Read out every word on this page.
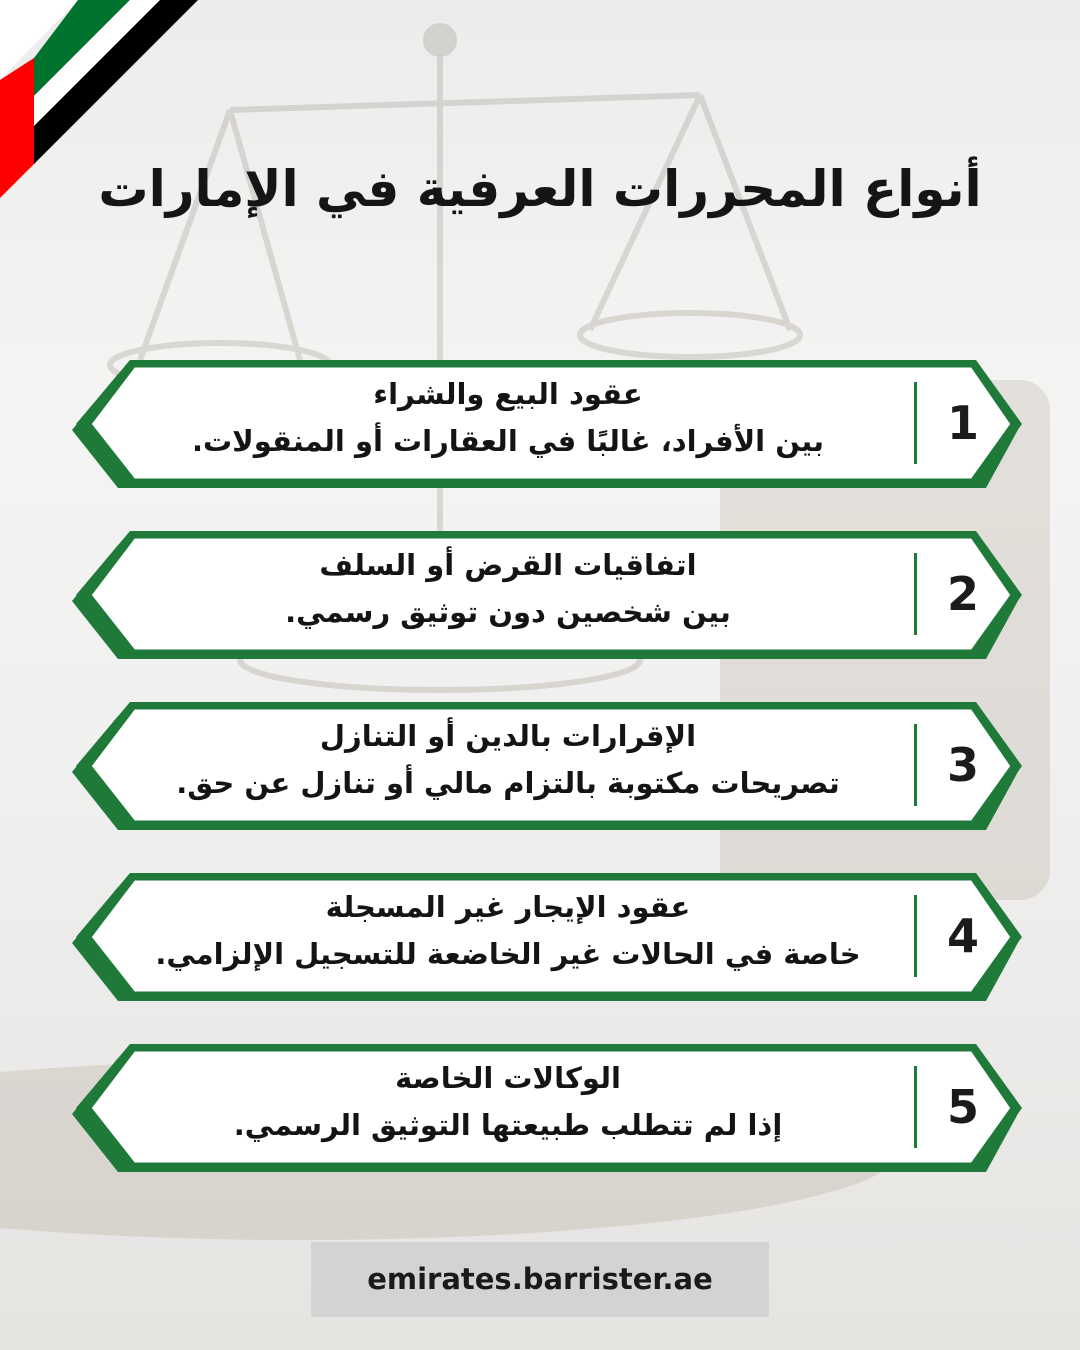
أنواع المحررات العرفية في الإمارات
عقود البيع والشراء
بين الأفراد، غالبًا في العقارات أو المنقولات.	1
اتفاقيات القرض أو السلف
بين شخصين دون توثيق رسمي.	2
الإقرارات بالدين أو التنازل
تصريحات مكتوبة بالتزام مالي أو تنازل عن حق.	3
عقود الإيجار غير المسجلة
خاصة في الحالات غير الخاضعة للتسجيل الإلزامي.	4
الوكالات الخاصة
إذا لم تتطلب طبيعتها التوثيق الرسمي.	5
emirates.barrister.ae
